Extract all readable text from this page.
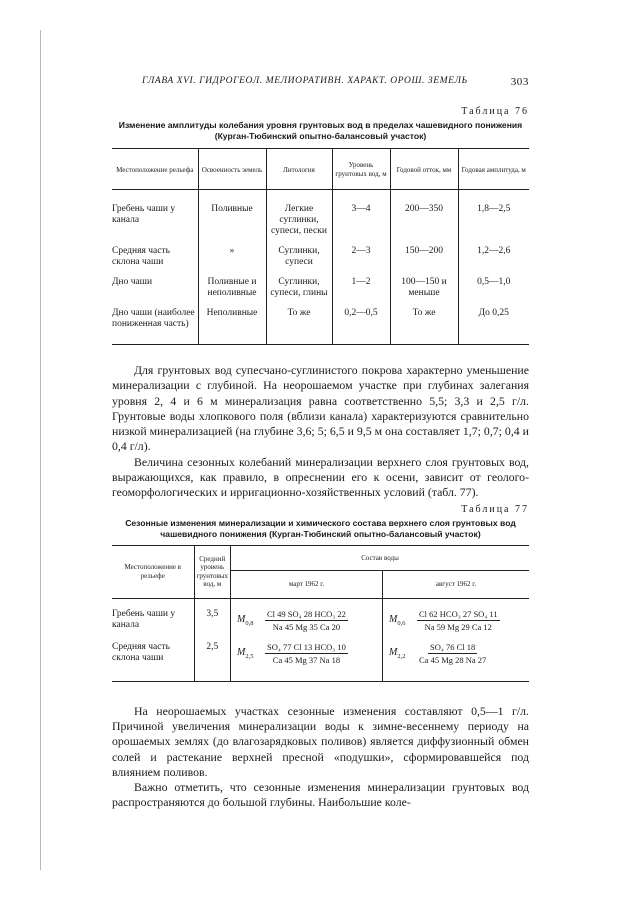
ГЛАВА XVI. ГИДРОГЕОЛ. МЕЛИОРАТИВН. ХАРАКТ. ОРОШ. ЗЕМЕЛЬ	303
Таблица 76
Изменение амплитуды колебания уровня грунтовых вод в пределах чашевидного понижения (Курган-Тюбинский опытно-балансовый участок)
Местоположение рельефа	Освоенность земель	Литология	Уровень грунтовых вод, м	Годовой отток, мм	Годовая амплитуда, м
Гребень чаши у канала	Поливные	Легкие суглинки, супеси, пески	3—4	200—350	1,8—2,5
Средняя часть склона чаши	»	Суглинки, супеси	2—3	150—200	1,2—2,6
Дно чаши	Поливные и неполивные	Суглинки, супеси, глины	1—2	100—150 и меньше	0,5—1,0
Дно чаши (наиболее пониженная часть)	Неполивные	То же	0,2—0,5	То же	До 0,25

Для грунтовых вод супесчано-суглинистого покрова характерно уменьшение минерализации с глубиной. На неорошаемом участке при глубинах залегания уровня 2, 4 и 6 м минерализация равна соответственно 5,5; 3,3 и 2,5 г/л. Грунтовые воды хлопкового поля (вблизи канала) характеризуются сравнительно низкой минерализацией (на глубине 3,6; 5; 6,5 и 9,5 м она составляет 1,7; 0,7; 0,4 и 0,4 г/л).

Величина сезонных колебаний минерализации верхнего слоя грунтовых вод, выражающихся, как правило, в опреснении его к осени, зависит от геолого-геоморфологических и ирригационно-хозяйственных условий (табл. 77).

Таблица 77
Сезонные изменения минерализации и химического состава верхнего слоя грунтовых вод чашевидного понижения (Курган-Тюбинский опытно-балансовый участок)
Местоположение в рельефе	Средний уровень грунтовых вод, м	Состав воды	
		март 1962 г.	август 1962 г.
Гребень чаши у канала	3,5	$M_{0,8} \frac{\text{Cl 49 SO₄ 28 HCO₃ 22}}{Na 45 Mg 35 Ca 20}$	$M_{0,6} \frac{\text{Cl 62 HCO₃ 27 SO₄ 11}}{Na 59 Mg 29 Ca 12}$

Средняя часть склона чаши	2,5	$M_{2,5} \frac{\text{SO₄ 77 Cl 13 HCO₃ 10}}{Ca 45 Mg 37 Na 18}$	$M_{2,2} \frac{\text{SO₄ 76 Cl 18}}{Ca 45 Mg 28 Na 27}$

На неорошаемых участках сезонные изменения составляют 0,5—1 г/л. Причиной увеличения минерализации воды к зимне-весеннему периоду на орошаемых землях (до влагозарядковых поливов) является диффузионный обмен солей и растекание верхней пресной «подушки», сформировавшейся под влиянием поливов.

Важно отметить, что сезонные изменения минерализации грунтовых вод распространяются до большой глубины. Наибольшие коле-
